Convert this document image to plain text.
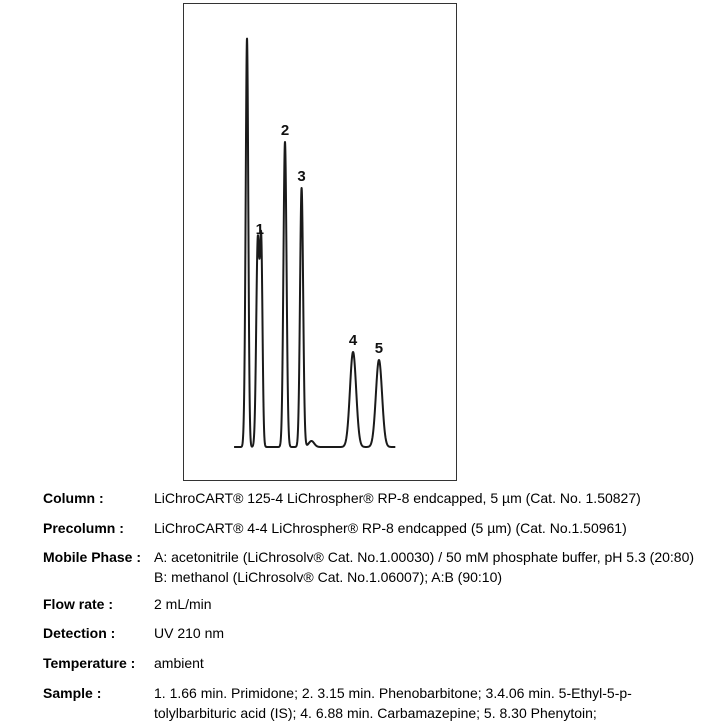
1
2
3
4 5
Column :	LiChroCART® 125-4 LiChrospher® RP-8 endcapped, 5 µm (Cat. No. 1.50827)
Precolumn : LiChroCART® 4-4 LiChrospher® RP-8 endcapped (5 µm) (Cat. No.1.50961)
Mobile Phase : A: acetonitrile (LiChrosolv® Cat. No.1.00030) / 50 mM phosphate buffer, pH 5.3 (20:80) B: methanol (LiChrosolv® Cat. No.1.06007); A:B (90:10)
Flow rate :	2 mL/min
Detection :	UV 210 nm
Temperature : ambient
Sample :	1. 1.66 min. Primidone; 2. 3.15 min. Phenobarbitone; 3.4.06 min. 5-Ethyl-5-p-tolylbarbituric acid (IS); 4. 6.88 min. Carbamazepine; 5. 8.30 Phenytoin;
